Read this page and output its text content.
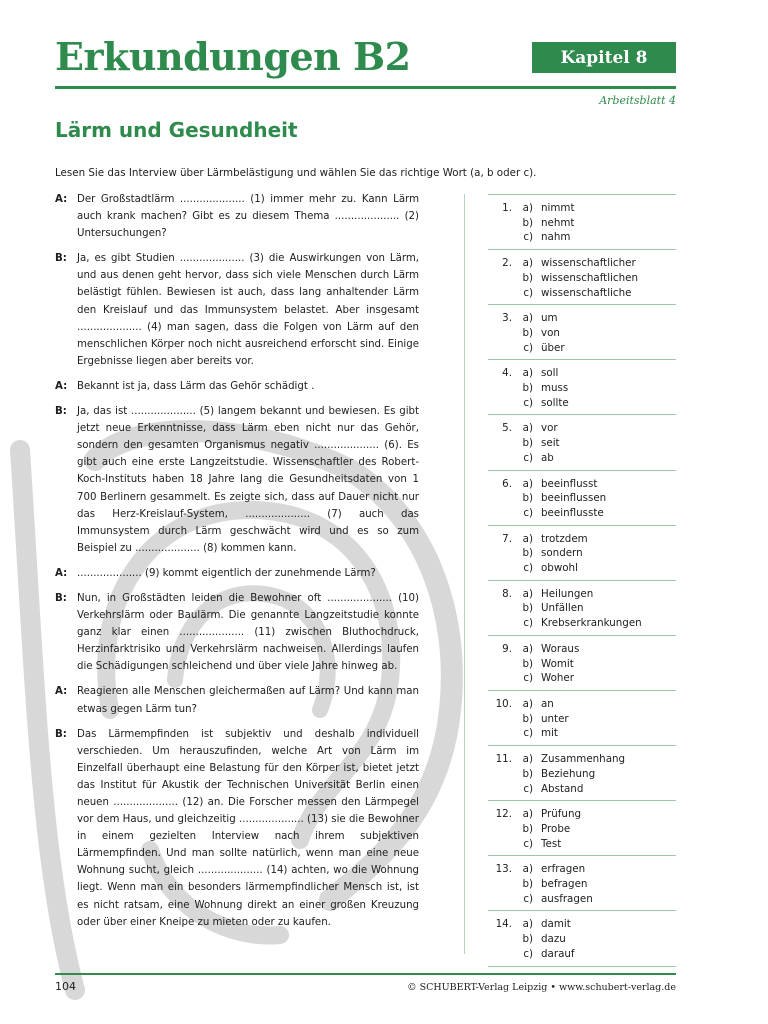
Erkundungen B2	Kapitel 8
Arbeitsblatt 4
Lärm und Gesundheit
Lesen Sie das Interview über Lärmbelästigung und wählen Sie das richtige Wort (a, b oder c).
A: Der Großstadtlärm .................... (1) immer mehr zu. Kann Lärm auch krank machen? Gibt es zu diesem Thema .................... (2) Untersuchungen?
B: Ja, es gibt Studien .................... (3) die Auswirkungen von Lärm, und aus denen geht hervor, dass sich viele Menschen durch Lärm belästigt fühlen. Bewiesen ist auch, dass lang anhaltender Lärm den Kreislauf und das Immunsystem belastet. Aber insgesamt .................... (4) man sagen, dass die Folgen von Lärm auf den menschlichen Körper noch nicht ausreichend erforscht sind. Einige Ergebnisse liegen aber bereits vor.
A: Bekannt ist ja, dass Lärm das Gehör schädigt .
B: Ja, das ist .................... (5) langem bekannt und bewiesen. Es gibt jetzt neue Erkenntnisse, dass Lärm eben nicht nur das Gehör, sondern den gesamten Organismus negativ .................... (6). Es gibt auch eine erste Langzeitstudie. Wissenschaftler des Robert-Koch-Instituts haben 18 Jahre lang die Gesundheitsdaten von 1 700 Berlinern gesammelt. Es zeigte sich, dass auf Dauer nicht nur das Herz-Kreislauf-System, .................... (7) auch das Immunsystem durch Lärm geschwächt wird und es so zum Beispiel zu .................... (8) kommen kann.
A: .................... (9) kommt eigentlich der zunehmende Lärm?
B: Nun, in Großstädten leiden die Bewohner oft .................... (10) Verkehrslärm oder Baulärm. Die genannte Langzeitstudie konnte ganz klar einen .................... (11) zwischen Bluthochdruck, Herzinfarktrisiko und Verkehrslärm nachweisen. Allerdings laufen die Schädigungen schleichend und über viele Jahre hinweg ab.
A: Reagieren alle Menschen gleichermaßen auf Lärm? Und kann man etwas gegen Lärm tun?
B: Das Lärmempfinden ist subjektiv und deshalb individuell verschieden. Um herauszufinden, welche Art von Lärm im Einzelfall überhaupt eine Belastung für den Körper ist, bietet jetzt das Institut für Akustik der Technischen Universität Berlin einen neuen .................... (12) an. Die Forscher messen den Lärmpegel vor dem Haus, und gleichzeitig .................... (13) sie die Bewohner in einem gezielten Interview nach ihrem subjektiven Lärmempfinden. Und man sollte natürlich, wenn man eine neue Wohnung sucht, gleich .................... (14) achten, wo die Wohnung liegt. Wenn man ein besonders lärmempfindlicher Mensch ist, ist es nicht ratsam, eine Wohnung direkt an einer großen Kreuzung oder über einer Kneipe zu mieten oder zu kaufen.
1.	a) nimmt
b) nehmt
c) nahm
2.	a) wissenschaftlicher
b) wissenschaftlichen
c) wissenschaftliche
3.	a) um
b) von
c) über
4.	a) soll
b) muss
c) sollte
5.	a) vor
b) seit
c) ab
6.	a) beeinflusst
b) beeinflussen
c) beeinflusste
7.	a) trotzdem
b) sondern
c) obwohl
8.	a) Heilungen
b) Unfällen
c) Krebserkrankungen
9.	a) Woraus
b) Womit
c) Woher
10.	a) an
b) unter
c) mit
11.	a) Zusammenhang
b) Beziehung
c) Abstand
12.	a) Prüfung
b) Probe
c) Test
13.	a) erfragen
b) befragen
c) ausfragen
14.	a) damit
b) dazu
c) darauf
104	© SCHUBERT-Verlag Leipzig • www.schubert-verlag.de
